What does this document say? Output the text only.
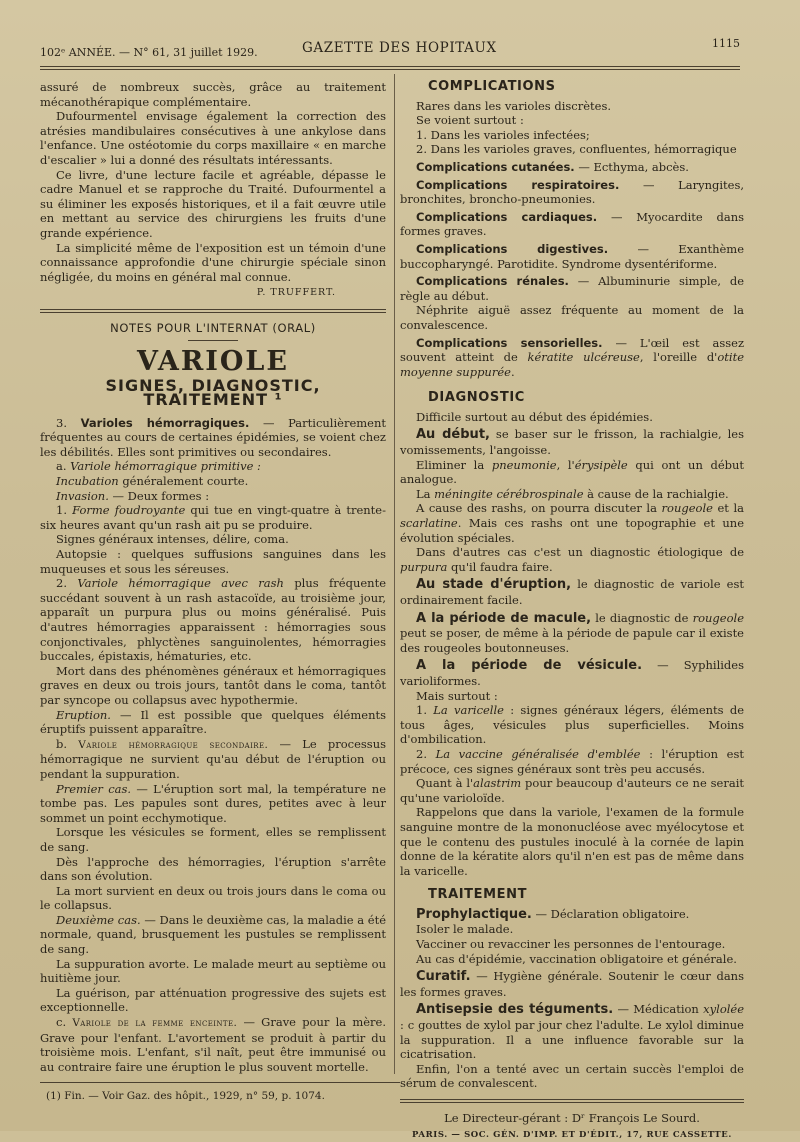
102ᵉ ANNÉE. — N° 61, 31 juillet 1929.	GAZETTE DES HOPITAUX	1115

assuré de nombreux succès, grâce au traitement mécanothérapique complémentaire.

Dufourmentel envisage également la correction des atrésies mandibulaires consécutives à une ankylose dans l'enfance. Une ostéotomie du corps maxillaire « en marche d'escalier » lui a donné des résultats intéressants.

Ce livre, d'une lecture facile et agréable, dépasse le cadre Manuel et se rapproche du Traité. Dufourmentel a su éliminer les exposés historiques, et il a fait œuvre utile en mettant au service des chirurgiens les fruits d'une grande expérience.

La simplicité même de l'exposition est un témoin d'une connaissance approfondie d'une chirurgie spéciale sinon négligée, du moins en général mal connue.

P. TRUFFERT.

NOTES POUR L'INTERNAT (ORAL)

VARIOLE

SIGNES, DIAGNOSTIC, TRAITEMENT ¹

3. Varioles hémorragiques. — Particulièrement fréquentes au cours de certaines épidémies, se voient chez les débilités. Elles sont primitives ou secondaires.

a. Variole hémorragique primitive :

Incubation généralement courte.

Invasion. — Deux formes :

1. Forme foudroyante qui tue en vingt-quatre à trente-six heures avant qu'un rash ait pu se produire.

Signes généraux intenses, délire, coma.

Autopsie : quelques suffusions sanguines dans les muqueuses et sous les séreuses.

2. Variole hémorragique avec rash plus fréquente succédant souvent à un rash astacoïde, au troisième jour, apparaît un purpura plus ou moins généralisé. Puis d'autres hémorragies apparaissent : hémorragies sous conjonctivales, phlyctènes sanguinolentes, hémorragies buccales, épistaxis, hématuries, etc.

Mort dans des phénomènes généraux et hémorragiques graves en deux ou trois jours, tantôt dans le coma, tantôt par syncope ou collapsus avec hypothermie.

Eruption. — Il est possible que quelques éléments éruptifs puissent apparaître.

b. Variole hémorragique secondaire. — Le processus hémorragique ne survient qu'au début de l'éruption ou pendant la suppuration.

Premier cas. — L'éruption sort mal, la température ne tombe pas. Les papules sont dures, petites avec à leur sommet un point ecchymotique.

Lorsque les vésicules se forment, elles se remplissent de sang.

Dès l'approche des hémorragies, l'éruption s'arrête dans son évolution.

La mort survient en deux ou trois jours dans le coma ou le collapsus.

Deuxième cas. — Dans le deuxième cas, la maladie a été normale, quand, brusquement les pustules se remplissent de sang.

La suppuration avorte. Le malade meurt au septième ou huitième jour.

La guérison, par atténuation progressive des sujets est exceptionnelle.

c. Variole de la femme enceinte. — Grave pour la mère. Grave pour l'enfant. L'avortement se produit à partir du troisième mois. L'enfant, s'il naît, peut être immunisé ou au contraire faire une éruption le plus souvent mortelle.

(1) Fin. — Voir Gaz. des hôpit., 1929, n° 59, p. 1074.

COMPLICATIONS

Rares dans les varioles discrètes.

Se voient surtout :

1. Dans les varioles infectées;

2. Dans les varioles graves, confluentes, hémorragique

Complications cutanées. — Ecthyma, abcès.

Complications respiratoires. — Laryngites, bronchites, broncho-pneumonies.

Complications cardiaques. — Myocardite dans formes graves.

Complications digestives.	— Exanthème buccopharyngé. Parotidite. Syndrome dysentériforme.

Complications rénales. — Albuminurie simple, de règle au début.

Néphrite aiguë assez fréquente au moment de la convalescence.

Complications sensorielles. — L'œil est assez souvent atteint de kératite ulcéreuse, l'oreille d'otite moyenne suppurée.

DIAGNOSTIC

Difficile surtout au début des épidémies.

Au début, se baser sur le frisson, la rachialgie, les vomissements, l'angoisse.

Eliminer la pneumonie, l'érysipèle qui ont un début analogue.

La méningite cérébrospinale à cause de la rachialgie.

A cause des rashs, on pourra discuter la rougeole et la scarlatine. Mais ces rashs ont une topographie et une évolution spéciales.

Dans d'autres cas c'est un diagnostic étiologique de purpura qu'il faudra faire.

Au stade d'éruption, le diagnostic de variole est ordinairement facile.

A la période de macule, le diagnostic de rougeole peut se poser, de même à la période de papule car il existe des rougeoles boutonneuses.

A la période de vésicule. — Syphilides varioliformes.

Mais surtout :

1. La varicelle : signes généraux légers, éléments de tous âges, vésicules plus superficielles. Moins d'ombilication.

2. La vaccine généralisée d'emblée : l'éruption est précoce, ces signes généraux sont très peu accusés.

Quant à l'alastrim pour beaucoup d'auteurs ce ne serait qu'une varioloïde.

Rappelons que dans la variole, l'examen de la formule sanguine montre de la mononucléose avec myélocytose et que le contenu des pustules inoculé à la cornée de lapin donne de la kératite alors qu'il n'en est pas de même dans la varicelle.

TRAITEMENT

Prophylactique. — Déclaration obligatoire.

Isoler le malade.

Vacciner ou revacciner les personnes de l'entourage.

Au cas d'épidémie, vaccination obligatoire et générale.

Curatif. — Hygiène générale. Soutenir le cœur dans les formes graves.

Antisepsie des téguments. — Médication xylolée : c gouttes de xylol par jour chez l'adulte. Le xylol diminue la suppuration. Il a une influence favorable sur la cicatrisation.

Enfin, l'on a tenté avec un certain succès l'emploi de sérum de convalescent.

Le Directeur-gérant : Dʳ François Le Sourd.

PARIS. — SOC. GÉN. D'IMP. ET D'ÉDIT., 17, RUE CASSETTE.
